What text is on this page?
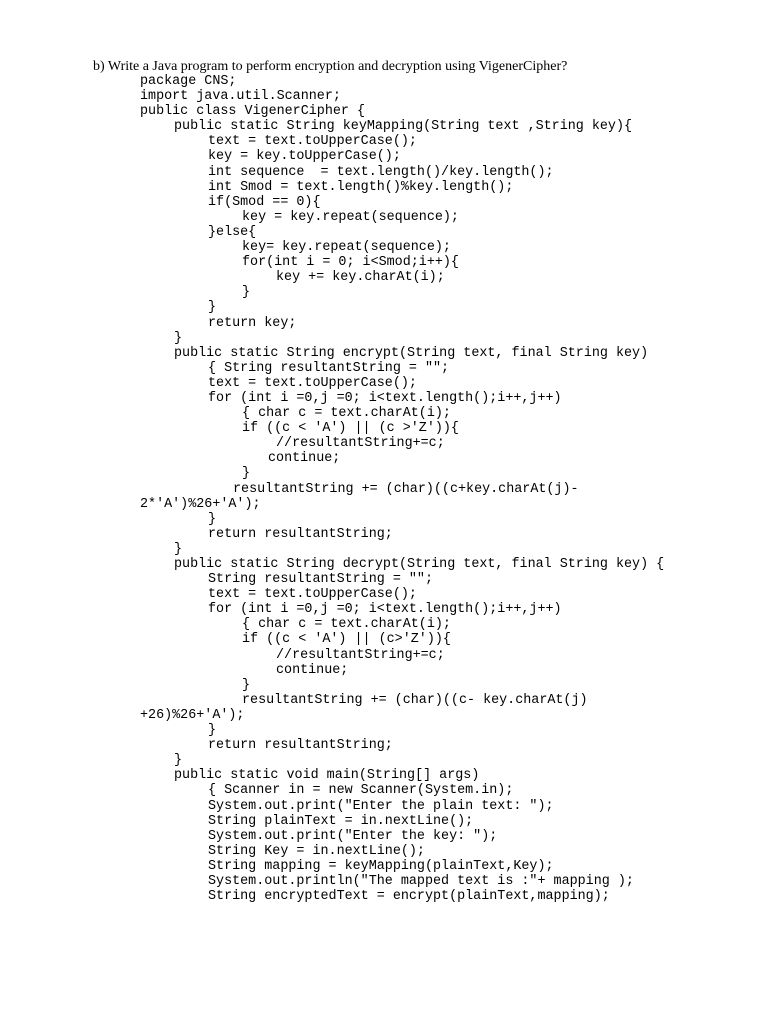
b) Write a Java program to perform encryption and decryption using VigenerCipher?
package CNS;
import java.util.Scanner;
public class VigenerCipher {
public static String keyMapping(String text ,String key){
text = text.toUpperCase();
key = key.toUpperCase();
int sequence  = text.length()/key.length();
int Smod = text.length()%key.length();
if(Smod == 0){
key = key.repeat(sequence);
}else{
key= key.repeat(sequence);
for(int i = 0; i<Smod;i++){
key += key.charAt(i);
}
}
return key;
}
public static String encrypt(String text, final String key)
{ String resultantString = "";
text = text.toUpperCase();
for (int i =0,j =0; i<text.length();i++,j++)
{ char c = text.charAt(i);
if ((c < 'A') || (c >'Z')){
//resultantString+=c;
continue;
}
resultantString += (char)((c+key.charAt(j)-
2*'A')%26+'A');
}
return resultantString;
}
public static String decrypt(String text, final String key) {
String resultantString = "";
text = text.toUpperCase();
for (int i =0,j =0; i<text.length();i++,j++)
{ char c = text.charAt(i);
if ((c < 'A') || (c>'Z')){
//resultantString+=c;
continue;
}
resultantString += (char)((c- key.charAt(j)
+26)%26+'A');
}
return resultantString;
}
public static void main(String[] args)
{ Scanner in = new Scanner(System.in);
System.out.print("Enter the plain text: ");
String plainText = in.nextLine();
System.out.print("Enter the key: ");
String Key = in.nextLine();
String mapping = keyMapping(plainText,Key);
System.out.println("The mapped text is :"+ mapping );
String encryptedText = encrypt(plainText,mapping);
